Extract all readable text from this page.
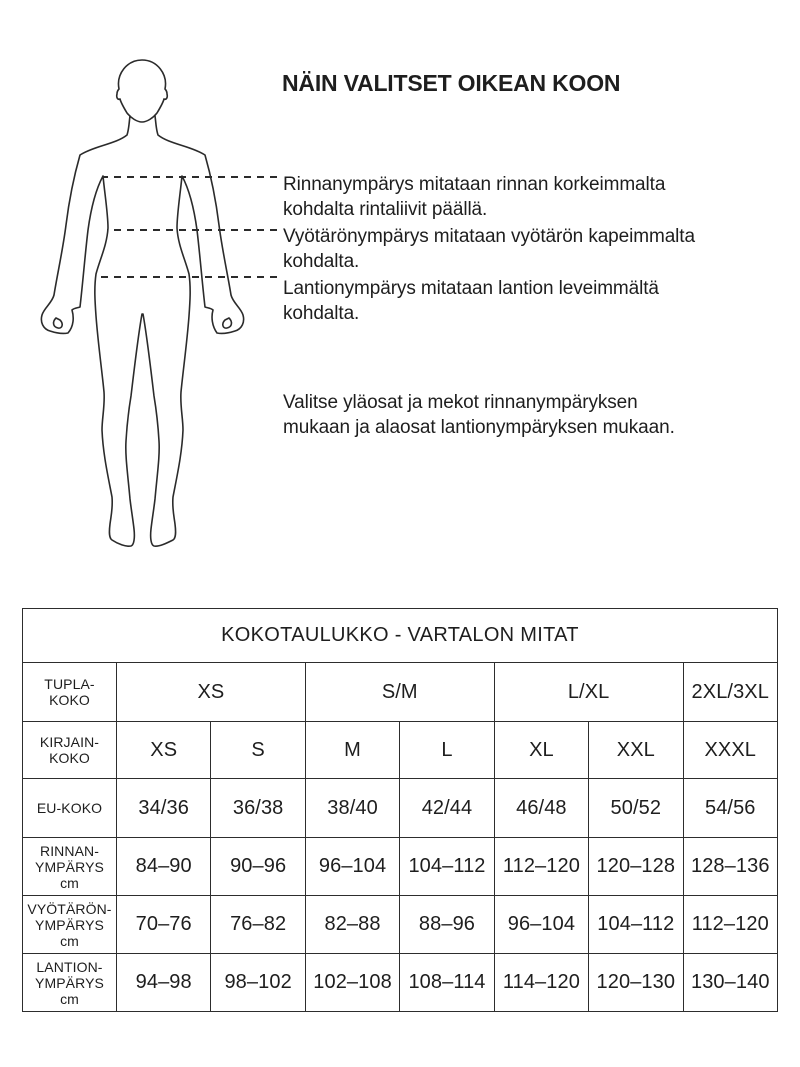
NÄIN VALITSET OIKEAN KOON

Rinnanympärys mitataan rinnan korkeimmalta
kohdalta rintaliivit päällä.

Vyötärönympärys mitataan vyötärön kapeimmalta
kohdalta.

Lantionympärys mitataan lantion leveimmältä
kohdalta.

Valitse yläosat ja mekot rinnanympäryksen
mukaan ja alaosat lantionympäryksen mukaan.

KOKOTAULUKKO - VARTALON MITAT							

TUPLA-
KOKO	XS		S/M		L/XL		2XL/3XL

KIRJAIN-
KOKO	XS	S	M	L	XL	XXL	XXXL
EU-KOKO	34/36	36/38	38/40	42/44	46/48	50/52	54/56

RINNAN-
YMPÄRYS
cm	84–90	90–96	96–104	104–112	112–120	120–128	128–136

VYÖTÄRÖN-
YMPÄRYS
cm	70–76	76–82	82–88	88–96	96–104	104–112	112–120

LANTION-
YMPÄRYS
cm	94–98	98–102	102–108	108–114	114–120	120–130	130–140
